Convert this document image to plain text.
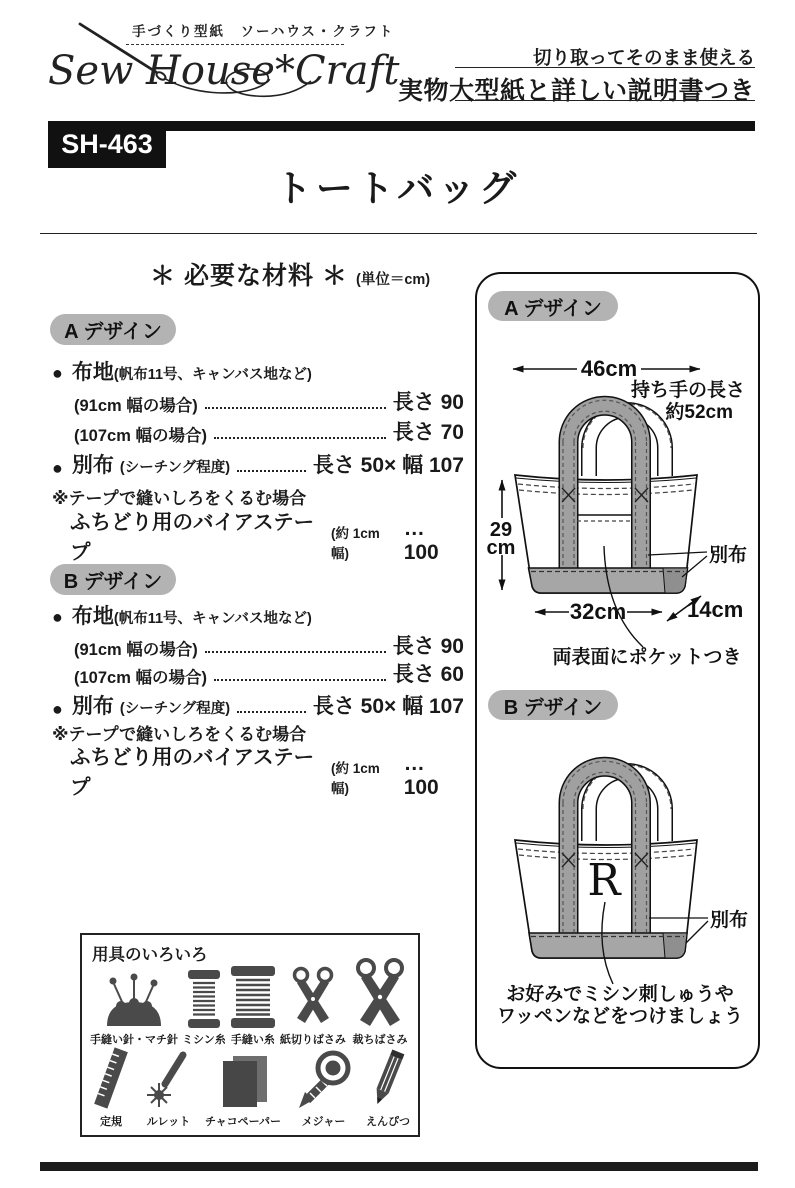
手づくり型紙　ソーハウス・クラフト
Sew House*Craft	切り取ってそのまま使える
実物大型紙と詳しい説明書つき
SH-463
トートバッグ
＊ 必要な材料 ＊ (単位＝cm)
A デザイン
● 布地 (帆布11号、キャンバス地など)
(91cm 幅の場合)	長さ 90
(107cm 幅の場合)	長さ 70
● 別布 (シーチング程度)	長さ 50× 幅 107
※テープで縫いしろをくるむ場合
ふちどり用のバイアステープ
(約 1cm 幅)
… 100
B デザイン
● 布地 (帆布11号、キャンバス地など)
(91cm 幅の場合)	長さ 90
(107cm 幅の場合)	長さ 60
● 別布 (シーチング程度)	長さ 50× 幅 107
※テープで縫いしろをくるむ場合
ふちどり用のバイアステープ
(約 1cm 幅)
… 100
A デザイン
46cm
持ち手の長さ
約52cm
29
cm
32cm	14cm
別布
両表面にポケットつき
B デザイン
R
別布
お好みでミシン刺しゅうや
ワッペンなどをつけましょう
用具のいろいろ
手縫い針・マチ針 ミシン糸 手縫い糸 紙切りばさみ 裁ちばさみ
定規 ルレット チャコペーパー メジャー えんぴつ
